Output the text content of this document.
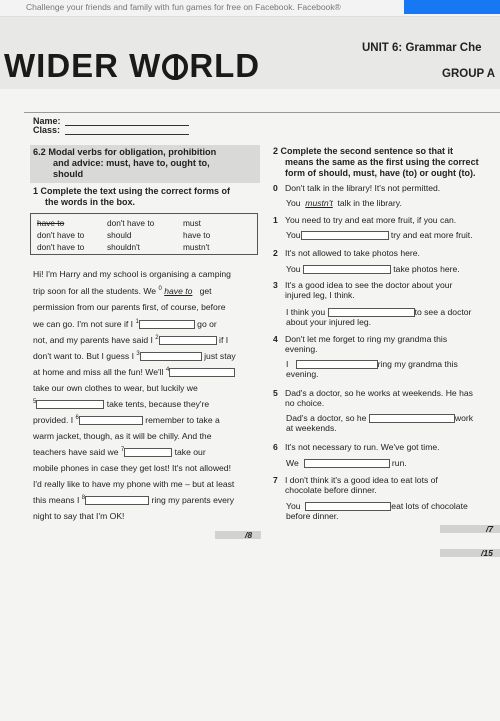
Challenge your friends and family with fun games for free on Facebook. Facebook®
WIDER W RLD	UNIT 6: Grammar Che
GROUP A
Name:
Class:
6.2 Modal verbs for obligation, prohibition
and advice: must, have to, ought to,
should
1 Complete the text using the correct forms of
the words in the box.
have to	don't have to	must
don't have to	should	have to
don't have to	shouldn't	mustn't
Hi! I'm Harry and my school is organising a camping
trip soon for all the students. We $^0$ have to get
permission from our parents first, of course, before
we can go. I'm not sure if I $^1$	go or
not, and my parents have said I $^2$	if I
don't want to. But I guess I $^3$	just stay
at home and miss all the fun! We'll $^4$
take our own clothes to wear, but luckily we
$^5$	take tents, because they're
provided. I $^6$	remember to take a
warm jacket, though, as it will be chilly. And the
teachers have said we $^7$	take our
mobile phones in case they get lost! It's not allowed!
I'd really like to have my phone with me – but at least
this means I $^8$	ring my parents every
night to say that I'm OK!
/8
2 Complete the second sentence so that it
means the same as the first using the correct
form of should, must, have (to) or ought (to).
0 Don't talk in the library! It's not permitted.
You mustn't talk in the library.
1 You need to try and eat more fruit, if you can.
You	try and eat more fruit.
2 It's not allowed to take photos here.
You	take photos here.
3 It's a good idea to see the doctor about your
injured leg, I think.
I think you	to see a doctor
about your injured leg.
4 Don't let me forget to ring my grandma this
evening.
I	ring my grandma this
evening.
5 Dad's a doctor, so he works at weekends. He has
no choice.
Dad's a doctor, so he	work
at weekends.
6 It's not necessary to run. We've got time.
We	run.
7 I don't think it's a good idea to eat lots of
chocolate before dinner.
You	eat lots of chocolate
before dinner.
/7
/15
